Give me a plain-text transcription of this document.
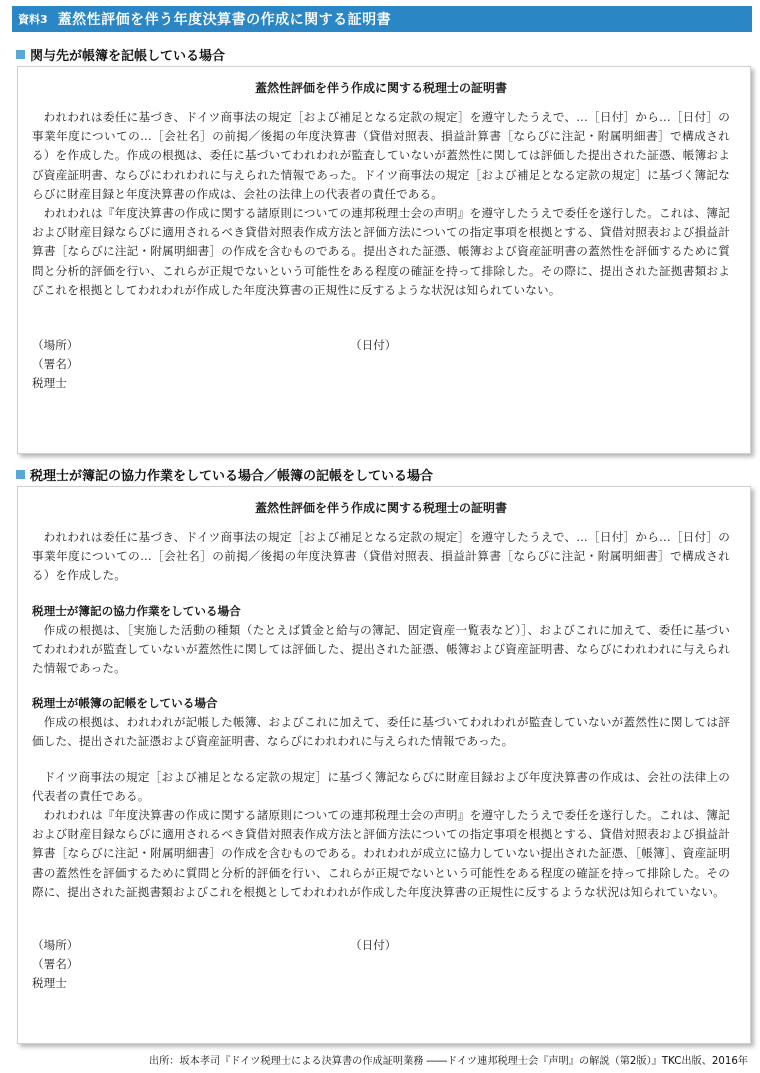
資料3 蓋然性評価を伴う年度決算書の作成に関する証明書
関与先が帳簿を記帳している場合
蓋然性評価を伴う作成に関する税理士の証明書

われわれは委任に基づき、ドイツ商事法の規定［および補足となる定款の規定］を遵守したうえで、...［日付］から...［日付］の事業年度についての...［会社名］の前掲／後掲の年度決算書（貸借対照表、損益計算書［ならびに注記・附属明細書］で構成される）を作成した。作成の根拠は、委任に基づいてわれわれが監査していないが蓋然性に関しては評価した提出された証憑、帳簿および資産証明書、ならびにわれわれに与えられた情報であった。ドイツ商事法の規定［および補足となる定款の規定］に基づく簿記ならびに財産目録と年度決算書の作成は、会社の法律上の代表者の責任である。

われわれは『年度決算書の作成に関する諸原則についての連邦税理士会の声明』を遵守したうえで委任を遂行した。これは、簿記および財産目録ならびに適用されるべき貸借対照表作成方法と評価方法についての指定事項を根拠とする、貸借対照表および損益計算書［ならびに注記・附属明細書］の作成を含むものである。提出された証憑、帳簿および資産証明書の蓋然性を評価するために質問と分析的評価を行い、これらが正規でないという可能性をある程度の確証を持って排除した。その際に、提出された証拠書類およびこれを根拠としてわれわれが作成した年度決算書の正規性に反するような状況は知られていない。

（場所）	（日付）
（署名）
税理士
税理士が簿記の協力作業をしている場合／帳簿の記帳をしている場合
蓋然性評価を伴う作成に関する税理士の証明書

われわれは委任に基づき、ドイツ商事法の規定［および補足となる定款の規定］を遵守したうえで、...［日付］から...［日付］の事業年度についての...［会社名］の前掲／後掲の年度決算書（貸借対照表、損益計算書［ならびに注記・附属明細書］で構成される）を作成した。

税理士が簿記の協力作業をしている場合

作成の根拠は、［実施した活動の種類（たとえば賃金と給与の簿記、固定資産一覧表など）］、およびこれに加えて、委任に基づいてわれわれが監査していないが蓋然性に関しては評価した、提出された証憑、帳簿および資産証明書、ならびにわれわれに与えられた情報であった。

税理士が帳簿の記帳をしている場合

作成の根拠は、われわれが記帳した帳簿、およびこれに加えて、委任に基づいてわれわれが監査していないが蓋然性に関しては評価した、提出された証憑および資産証明書、ならびにわれわれに与えられた情報であった。

ドイツ商事法の規定［および補足となる定款の規定］に基づく簿記ならびに財産目録および年度決算書の作成は、会社の法律上の代表者の責任である。

われわれは『年度決算書の作成に関する諸原則についての連邦税理士会の声明』を遵守したうえで委任を遂行した。これは、簿記および財産目録ならびに適用されるべき貸借対照表作成方法と評価方法についての指定事項を根拠とする、貸借対照表および損益計算書［ならびに注記・附属明細書］の作成を含むものである。われわれが成立に協力していない提出された証憑、［帳簿］、資産証明書の蓋然性を評価するために質問と分析的評価を行い、これらが正規でないという可能性をある程度の確証を持って排除した。その際に、提出された証拠書類およびこれを根拠としてわれわれが作成した年度決算書の正規性に反するような状況は知られていない。

（場所）	（日付）
（署名）
税理士
出所：坂本孝司『ドイツ税理士による決算書の作成証明業務 ――ドイツ連邦税理士会『声明』の解説（第2版）』TKC出版、2016年
